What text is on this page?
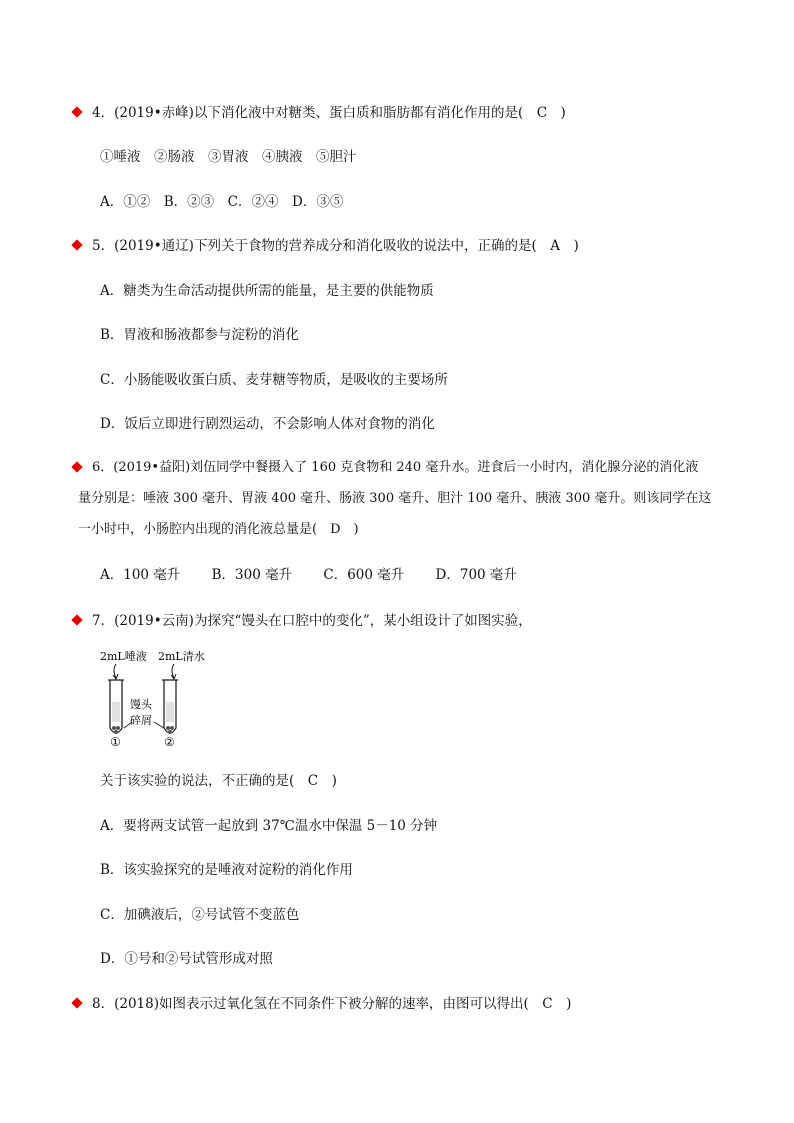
4．(2019•赤峰)以下消化液中对糖类、蛋白质和脂肪都有消化作用的是(　C　)
①唾液　②肠液　③胃液　④胰液　⑤胆汁
A．①②　B．②③　C．②④　D．③⑤
5．(2019•通辽)下列关于食物的营养成分和消化吸收的说法中，正确的是(　A　)
A．糖类为生命活动提供所需的能量，是主要的供能物质
B．胃液和肠液都参与淀粉的消化
C．小肠能吸收蛋白质、麦芽糖等物质，是吸收的主要场所
D．饭后立即进行剧烈运动，不会影响人体对食物的消化
6．(2019•益阳)刘伍同学中餐摄入了 160 克食物和 240 毫升水。进食后一小时内，消化腺分泌的消化液
量分别是：唾液 300 毫升、胃液 400 毫升、肠液 300 毫升、胆汁 100 毫升、胰液 300 毫升。则该同学在这
一小时中，小肠腔内出现的消化液总量是(　D　)
A．100 毫升　　 B．300 毫升　　 C．600 毫升　　 D．700 毫升
7．(2019•云南)为探究“馒头在口腔中的变化”，某小组设计了如图实验，
2mL唾液 2mL清水
馒头
碎屑
①	②
关于该实验的说法，不正确的是(　C　)
A．要将两支试管一起放到 37℃温水中保温 5－10 分钟
B．该实验探究的是唾液对淀粉的消化作用
C．加碘液后，②号试管不变蓝色
D．①号和②号试管形成对照
8．(2018)如图表示过氧化氢在不同条件下被分解的速率，由图可以得出(　C　)
